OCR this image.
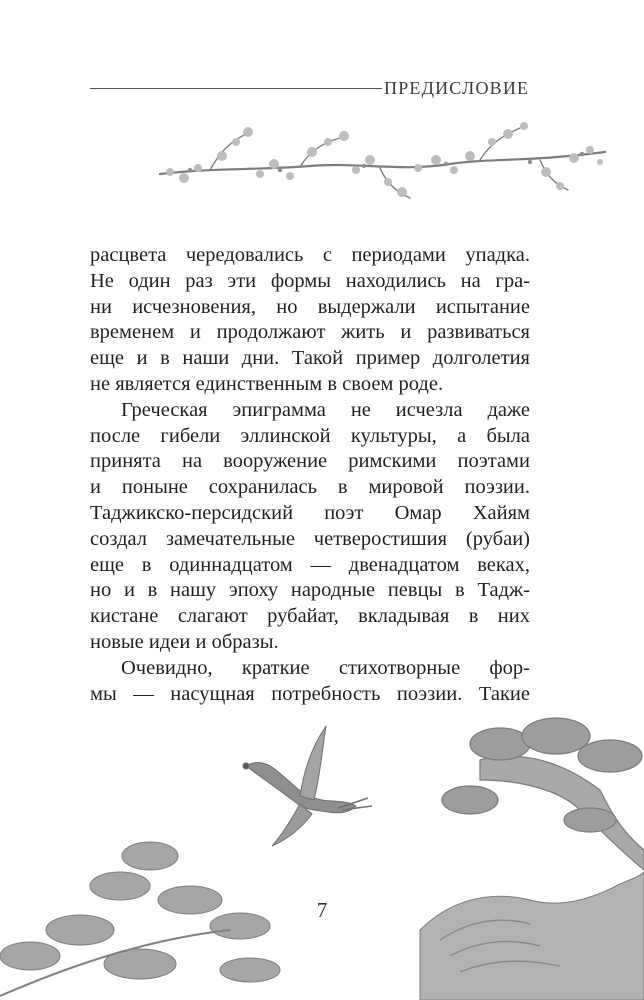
ПРЕДИСЛОВИЕ

расцвета чередовались с периодами упадка.
Не один раз эти формы находились на гра-
ни исчезновения, но выдержали испытание
временем и продолжают жить и развиваться
еще и в наши дни. Такой пример долголетия
не является единственным в своем роде.

Греческая эпиграмма не исчезла даже
после гибели эллинской культуры, а была
принята на вооружение римскими поэтами
и поныне сохранилась в мировой поэзии.
Таджикско-персидский поэт Омар Хайям
создал замечательные четверостишия (рубаи)
еще в одиннадцатом — двенадцатом веках,
но и в нашу эпоху народные певцы в Тадж-
кистане слагают рубайат, вкладывая в них
новые идеи и образы.

Очевидно, краткие стихотворные фор-
мы — насущная потребность поэзии. Такие

7
